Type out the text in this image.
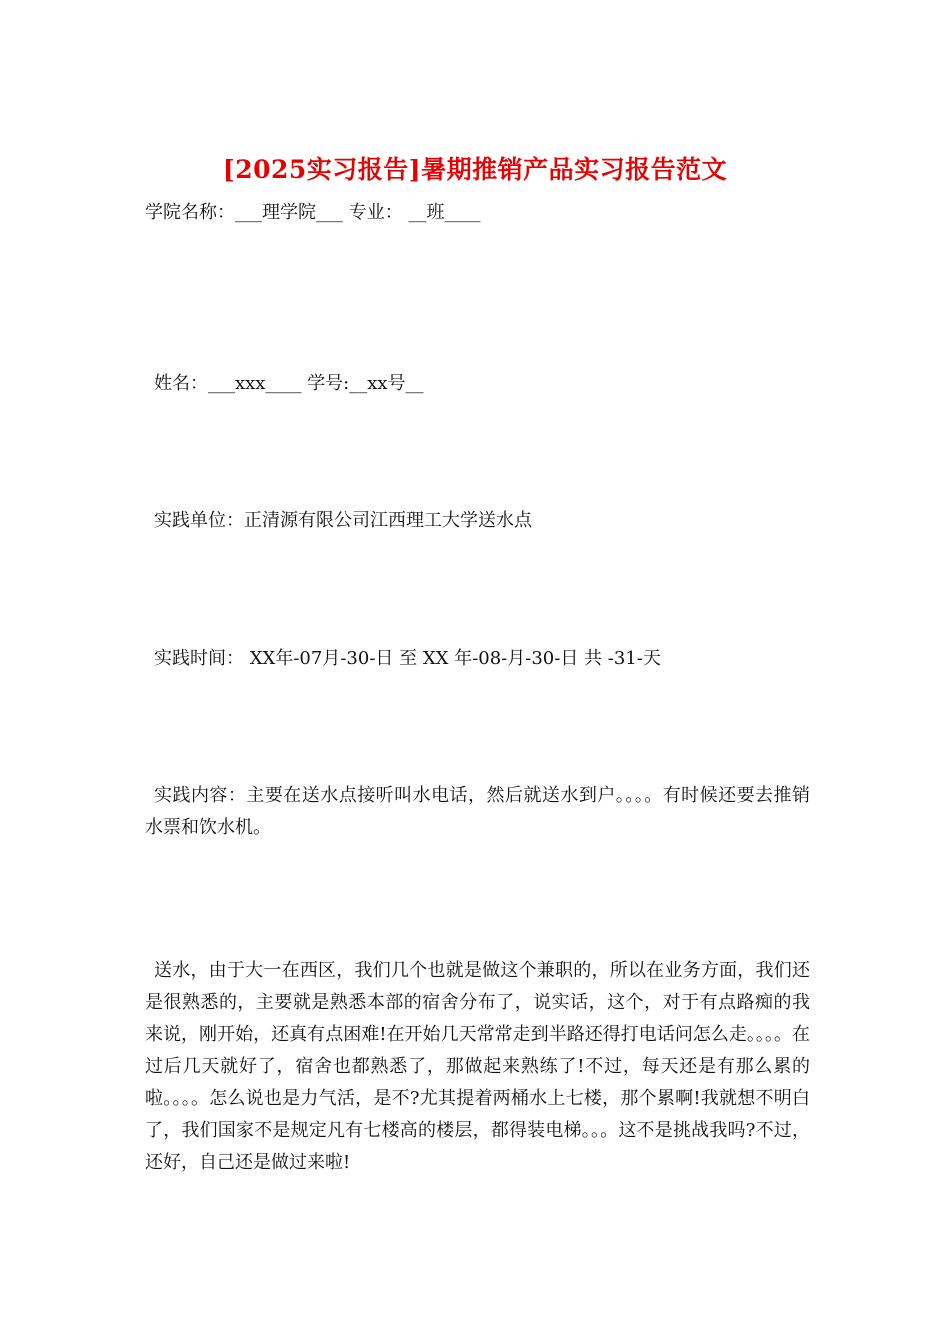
[2025实习报告]暑期推销产品实习报告范文
学院名称：___理学院___ 专业： __班____
姓名：___xxx____ 学号:__xx号__
实践单位：正清源有限公司江西理工大学送水点
实践时间： XX年-07月-30-日 至 XX 年-08-月-30-日 共 -31-天
实践内容：主要在送水点接听叫水电话，然后就送水到户。。。。有时候还要去推销水票和饮水机。
送水，由于大一在西区，我们几个也就是做这个兼职的，所以在业务方面，我们还是很熟悉的，主要就是熟悉本部的宿舍分布了，说实话，这个，对于有点路痴的我来说，刚开始，还真有点困难!在开始几天常常走到半路还得打电话问怎么走。。。。在过后几天就好了，宿舍也都熟悉了，那做起来熟练了!不过，每天还是有那么累的啦。。。。怎么说也是力气活，是不?尤其提着两桶水上七楼，那个累啊!我就想不明白了，我们国家不是规定凡有七楼高的楼层，都得装电梯。。。这不是挑战我吗?不过，还好，自己还是做过来啦!
